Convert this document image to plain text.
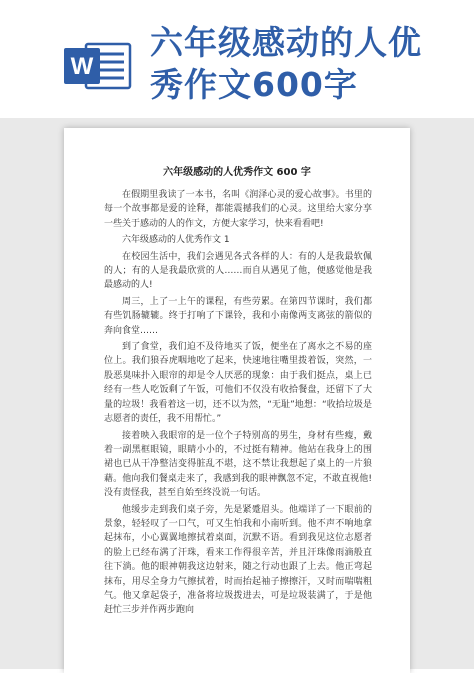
W
六年级感动的人优
秀作文600字
六年级感动的人优秀作文 600 字

在假期里我读了一本书，名叫《润泽心灵的爱心故事》。书里的每一个故事都是爱的诠释，都能震撼我们的心灵。这里给大家分享一些关于感动的人的作文，方便大家学习，快来看看吧!

六年级感动的人优秀作文 1

在校园生活中，我们会遇见各式各样的人：有的人是我最软佩的人；有的人是我最欣赏的人……而自从遇见了他，便感觉他是我最感动的人!

周三，上了一上午的课程，有些劳累。在第四节课时，我们都有些饥肠辘辘。终于打响了下课铃，我和小南像两支离弦的箭似的奔向食堂……

到了食堂，我们迫不及待地买了饭，便坐在了离水之不易的座位上。我们狼吞虎咽地吃了起来，快速地往嘴里拨着饭，突然，一股恶臭味扑入眼帘的却是令人厌恶的现象：由于我们挺点，桌上已经有一些人吃饭剩了午饭，可他们不仅没有收拾餐盘，还留下了大量的垃圾！我看着这一切，还不以为然，“无耻”地想：“收拾垃圾是志愿者的责任，我不用帮忙。”

接着映入我眼帘的是一位个子特别高的男生，身材有些瘦，戴着一副黑框眼镜，眼睛小小的，不过挺有精神。他站在我身上的围裙也已从干净整洁变得脏乱不堪，这不禁让我想起了桌上的一片狼藉。他向我们餐桌走来了，我感到我的眼神飘忽不定，不敢直视他!没有责怪我，甚至自始至终没说一句话。

他缓步走到我们桌子旁，先是紧蹙眉头。他端详了一下眼前的景象，轻轻叹了一口气，可又生怕我和小南听到。他不声不响地拿起抹布，小心翼翼地擦拭着桌面，沉默不语。看到我见这位志愿者的脸上已经布满了汗珠，看来工作得很辛苦，并且汗珠像雨滴般直往下淌。他的眼神朝我这边射来，随之行动也跟了上去。他正弯起抹布，用尽全身力气擦拭着，时而抬起袖子擦擦汗，又时而喘喘粗气。他又拿起袋子，准备将垃圾拨进去，可是垃圾装满了，于是他赶忙三步并作两步跑向
